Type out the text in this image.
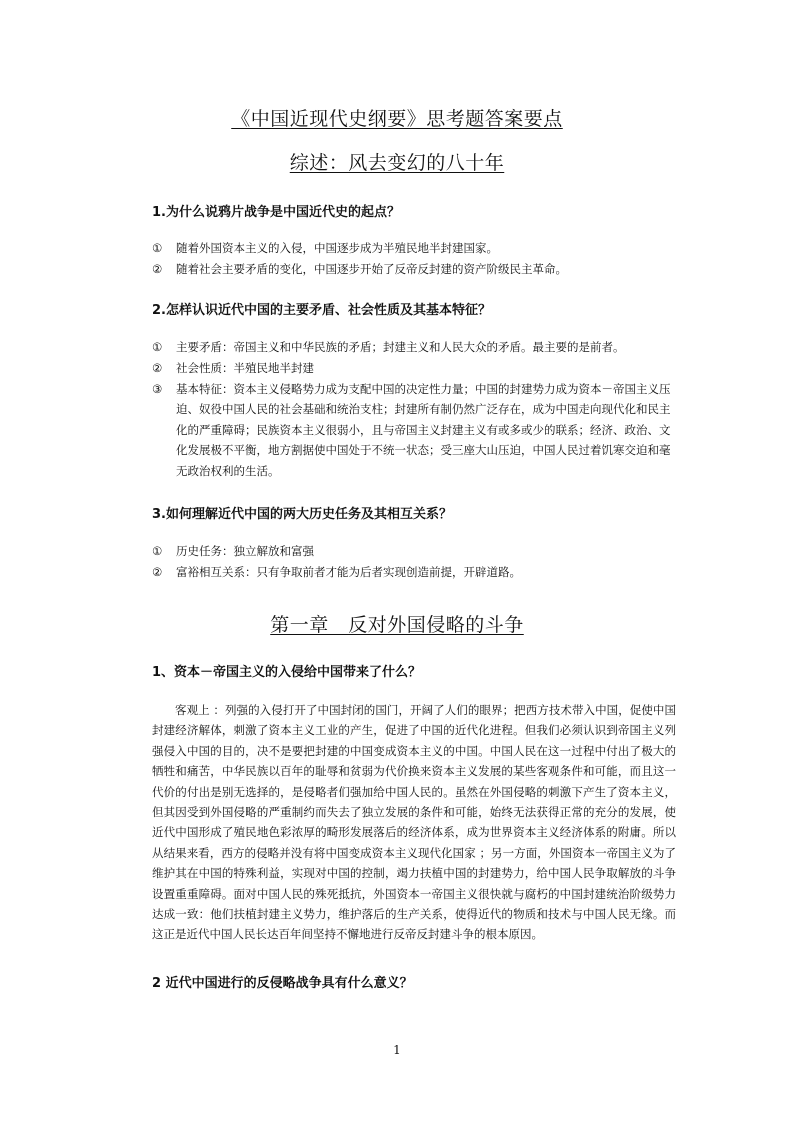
《中国近现代史纲要》思考题答案要点
综述：风去变幻的八十年
1.为什么说鸦片战争是中国近代史的起点？
① 随着外国资本主义的入侵，中国逐步成为半殖民地半封建国家。
② 随着社会主要矛盾的变化，中国逐步开始了反帝反封建的资产阶级民主革命。
2.怎样认识近代中国的主要矛盾、社会性质及其基本特征？
① 主要矛盾：帝国主义和中华民族的矛盾；封建主义和人民大众的矛盾。最主要的是前者。
② 社会性质：半殖民地半封建
③ 基本特征：资本主义侵略势力成为支配中国的决定性力量；中国的封建势力成为资本－帝国主义压迫、奴役中国人民的社会基础和统治支柱；封建所有制仍然广泛存在，成为中国走向现代化和民主化的严重障碍；民族资本主义很弱小，且与帝国主义封建主义有或多或少的联系；经济、政治、文化发展极不平衡，地方割据使中国处于不统一状态；受三座大山压迫，中国人民过着饥寒交迫和毫无政治权利的生活。
3.如何理解近代中国的两大历史任务及其相互关系？
① 历史任务：独立解放和富强
② 富裕相互关系：只有争取前者才能为后者实现创造前提，开辟道路。
第一章　反对外国侵略的斗争
1、资本－帝国主义的入侵给中国带来了什么？
客观上 ：列强的入侵打开了中国封闭的国门，开阔了人们的眼界；把西方技术带入中国，促使中国封建经济解体，刺激了资本主义工业的产生，促进了中国的近代化进程。但我们必须认识到帝国主义列强侵入中国的目的，决不是要把封建的中国变成资本主义的中国。中国人民在这一过程中付出了极大的牺牲和痛苦，中华民族以百年的耻辱和贫弱为代价换来资本主义发展的某些客观条件和可能，而且这一代价的付出是别无选择的，是侵略者们强加给中国人民的。虽然在外国侵略的刺激下产生了资本主义，但其因受到外国侵略的严重制约而失去了独立发展的条件和可能，始终无法获得正常的充分的发展，使近代中国形成了殖民地色彩浓厚的畸形发展落后的经济体系，成为世界资本主义经济体系的附庸。所以从结果来看，西方的侵略并没有将中国变成资本主义现代化国家 ；另一方面，外国资本一帝国主义为了维护其在中国的特殊利益，实现对中国的控制，竭力扶植中国的封建势力，给中国人民争取解放的斗争设置重重障碍。面对中国人民的殊死抵抗，外国资本一帝国主义很快就与腐朽的中国封建统治阶级势力达成一致：他们扶植封建主义势力，维护落后的生产关系，使得近代的物质和技术与中国人民无缘。而这正是近代中国人民长达百年间坚持不懈地进行反帝反封建斗争的根本原因。
2 近代中国进行的反侵略战争具有什么意义？
1
